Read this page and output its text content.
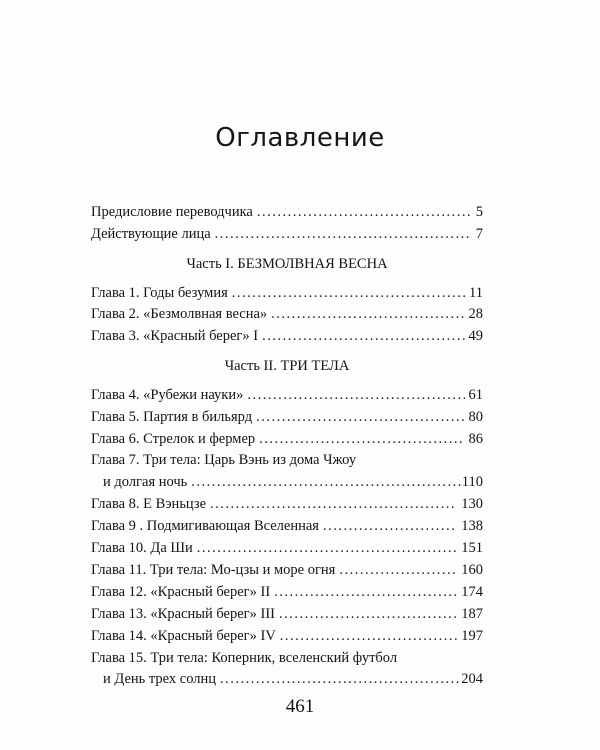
Оглавление
Предисловие переводчика .....	5
Действующие лица .....	7
Часть I. БЕЗМОЛВНАЯ ВЕСНА
Глава 1. Годы безумия .....	11
Глава 2. «Безмолвная весна» .....	28
Глава 3. «Красный берег» I .....	49
Часть II. ТРИ ТЕЛА
Глава 4. «Рубежи науки» .....	61
Глава 5. Партия в бильярд .....	80
Глава 6. Стрелок и фермер .....	86
Глава 7. Три тела: Царь Вэнь из дома Чжоу
и долгая ночь .....	110
Глава 8. Е Вэньцзе .....	130
Глава 9 . Подмигивающая Вселенная .....	138
Глава 10. Да Ши .....	151
Глава 11. Три тела: Мо-цзы и море огня .....	160
Глава 12. «Красный берег» II .....	174
Глава 13. «Красный берег» III .....	187
Глава 14. «Красный берег» IV .....	197
Глава 15. Три тела: Коперник, вселенский футбол
и День трех солнц .....	204
461
